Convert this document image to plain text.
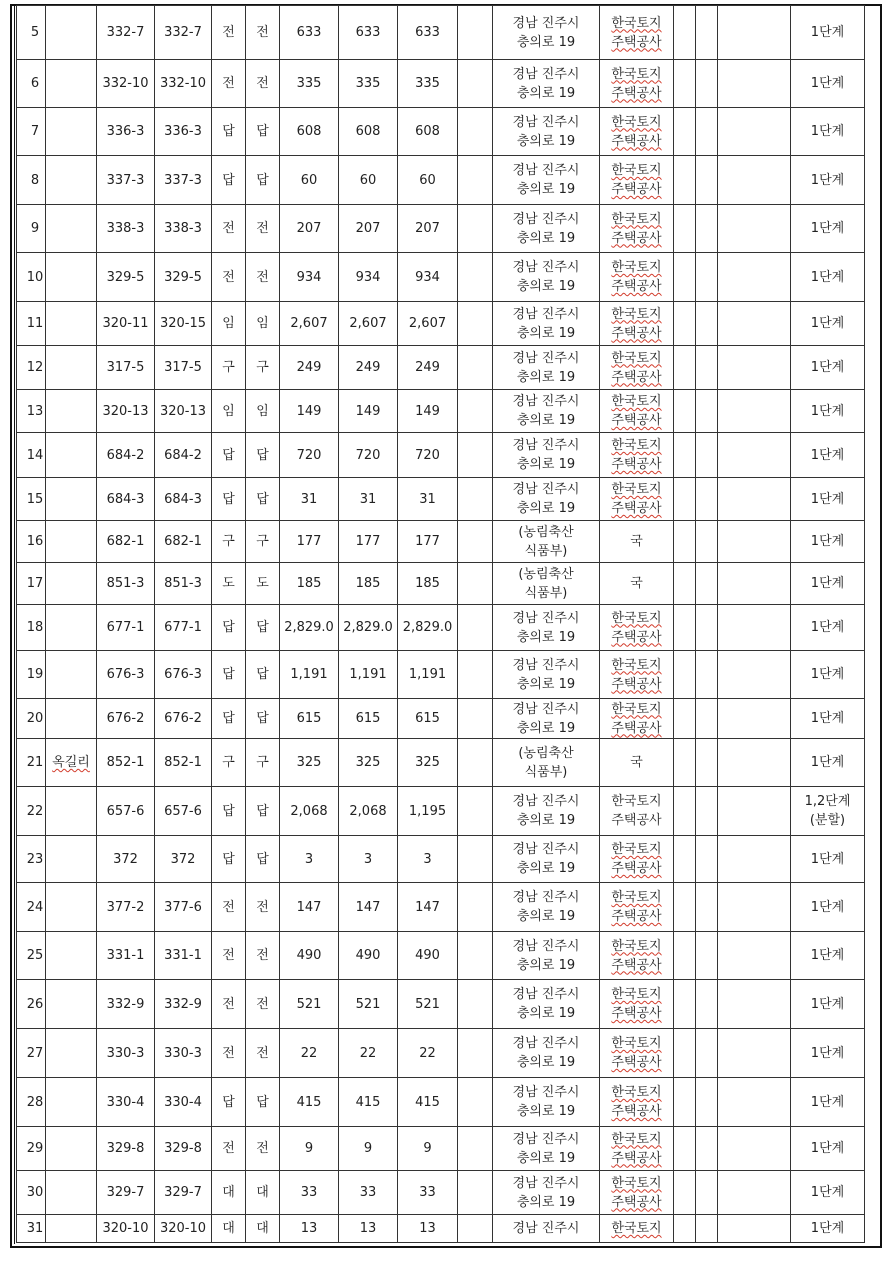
5		332-7	332-7	전	전	633	633	633		경남 진주시
충의로 19	한국토지
주택공사				1단계

6		332-10	332-10	전	전	335	335	335		경남 진주시
충의로 19	한국토지
주택공사				1단계

7		336-3	336-3	답	답	608	608	608		경남 진주시
충의로 19	한국토지
주택공사				1단계

8		337-3	337-3	답	답	60	60	60		경남 진주시
충의로 19	한국토지
주택공사				1단계

9		338-3	338-3	전	전	207	207	207		경남 진주시
충의로 19	한국토지
주택공사				1단계

10		329-5	329-5	전	전	934	934	934		경남 진주시
충의로 19	한국토지
주택공사				1단계

11		320-11	320-15	임	임	2,607	2,607	2,607		경남 진주시
충의로 19	한국토지
주택공사				1단계

12		317-5	317-5	구	구	249	249	249		경남 진주시
충의로 19	한국토지
주택공사				1단계

13		320-13	320-13	임	임	149	149	149		경남 진주시
충의로 19	한국토지
주택공사				1단계

14		684-2	684-2	답	답	720	720	720		경남 진주시
충의로 19	한국토지
주택공사				1단계

15		684-3	684-3	답	답	31	31	31		경남 진주시
충의로 19	한국토지
주택공사				1단계

16		682-1	682-1	구	구	177	177	177		(농림축산
식품부)	국				1단계

17		851-3	851-3	도	도	185	185	185		(농림축산
식품부)	국				1단계

18		677-1	677-1	답	답	2,829.0	2,829.0	2,829.0		경남 진주시
충의로 19	한국토지
주택공사				1단계

19		676-3	676-3	답	답	1,191	1,191	1,191		경남 진주시
충의로 19	한국토지
주택공사				1단계

20		676-2	676-2	답	답	615	615	615		경남 진주시
충의로 19	한국토지
주택공사				1단계

21	옥길리	852-1	852-1	구	구	325	325	325		(농림축산
식품부)	국				1단계

22		657-6	657-6	답	답	2,068	2,068	1,195		경남 진주시
충의로 19	한국토지
주택공사				1,2단계
(분할)

23		372	372	답	답	3	3	3		경남 진주시
충의로 19	한국토지
주택공사				1단계

24		377-2	377-6	전	전	147	147	147		경남 진주시
충의로 19	한국토지
주택공사				1단계

25		331-1	331-1	전	전	490	490	490		경남 진주시
충의로 19	한국토지
주택공사				1단계

26		332-9	332-9	전	전	521	521	521		경남 진주시
충의로 19	한국토지
주택공사				1단계

27		330-3	330-3	전	전	22	22	22		경남 진주시
충의로 19	한국토지
주택공사				1단계

28		330-4	330-4	답	답	415	415	415		경남 진주시
충의로 19	한국토지
주택공사				1단계

29		329-8	329-8	전	전	9	9	9		경남 진주시
충의로 19	한국토지
주택공사				1단계

30		329-7	329-7	대	대	33	33	33		경남 진주시
충의로 19	한국토지
주택공사				1단계

31		320-10	320-10	대	대	13	13	13		경남 진주시	한국토지				1단계
